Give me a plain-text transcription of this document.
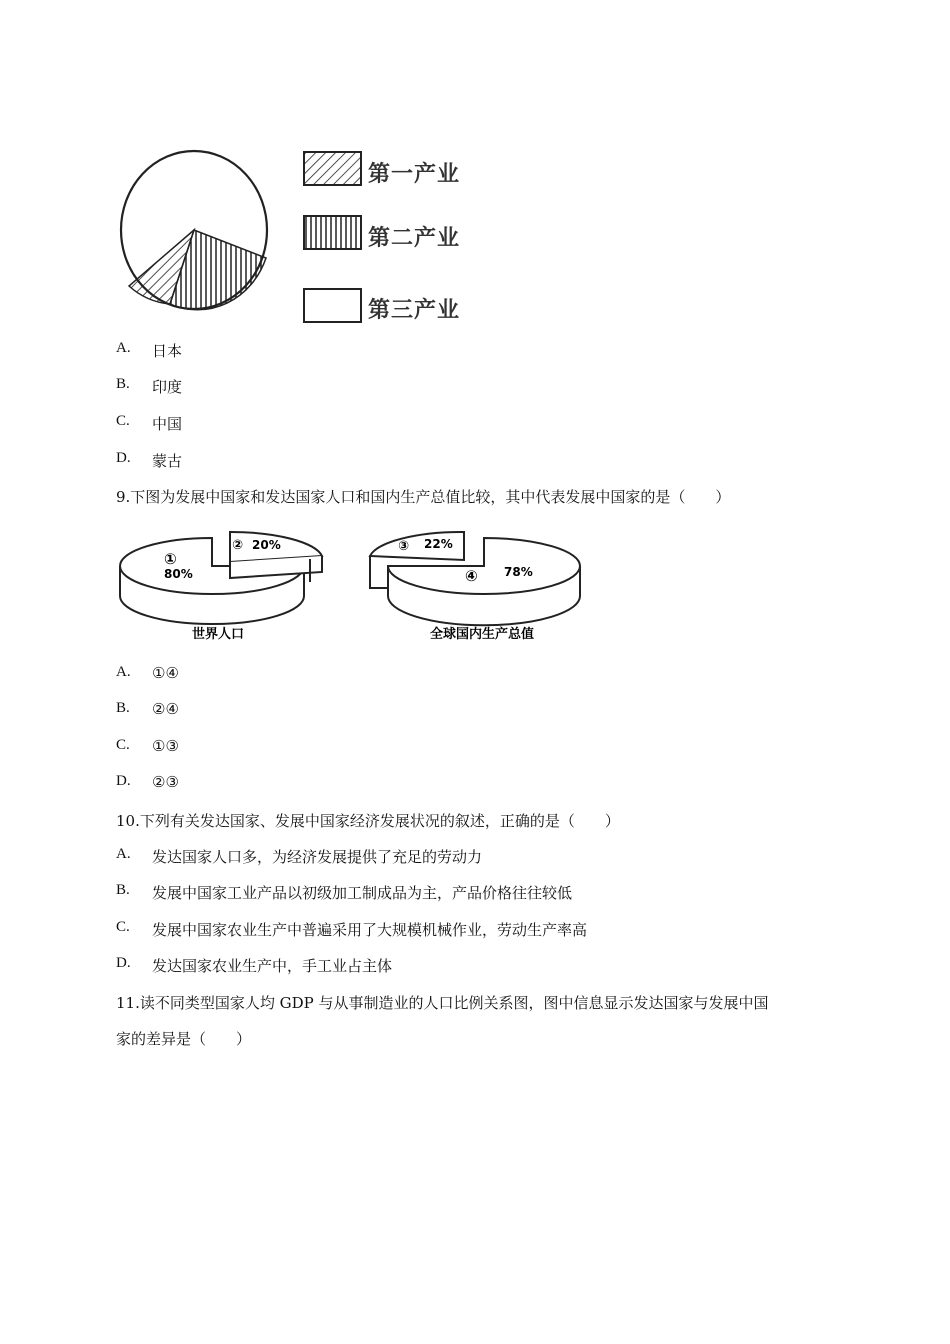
第一产业
第二产业
第三产业
A. 日本
B. 印度
C. 中国
D. 蒙古
9.下图为发展中国家和发达国家人口和国内生产总值比较，其中代表发展中国家的是（　　）
①
80%
② 20%
世界人口
③ 22%
④ 78%
全球国内生产总值
A. ①④
B. ②④
C. ①③
D. ②③
10.下列有关发达国家、发展中国家经济发展状况的叙述，正确的是（　　）
A. 发达国家人口多，为经济发展提供了充足的劳动力
B. 发展中国家工业产品以初级加工制成品为主，产品价格往往较低
C. 发展中国家农业生产中普遍采用了大规模机械作业，劳动生产率高
D. 发达国家农业生产中，手工业占主体
11.读不同类型国家人均 GDP 与从事制造业的人口比例关系图，图中信息显示发达国家与发展中国
家的差异是（　　）
